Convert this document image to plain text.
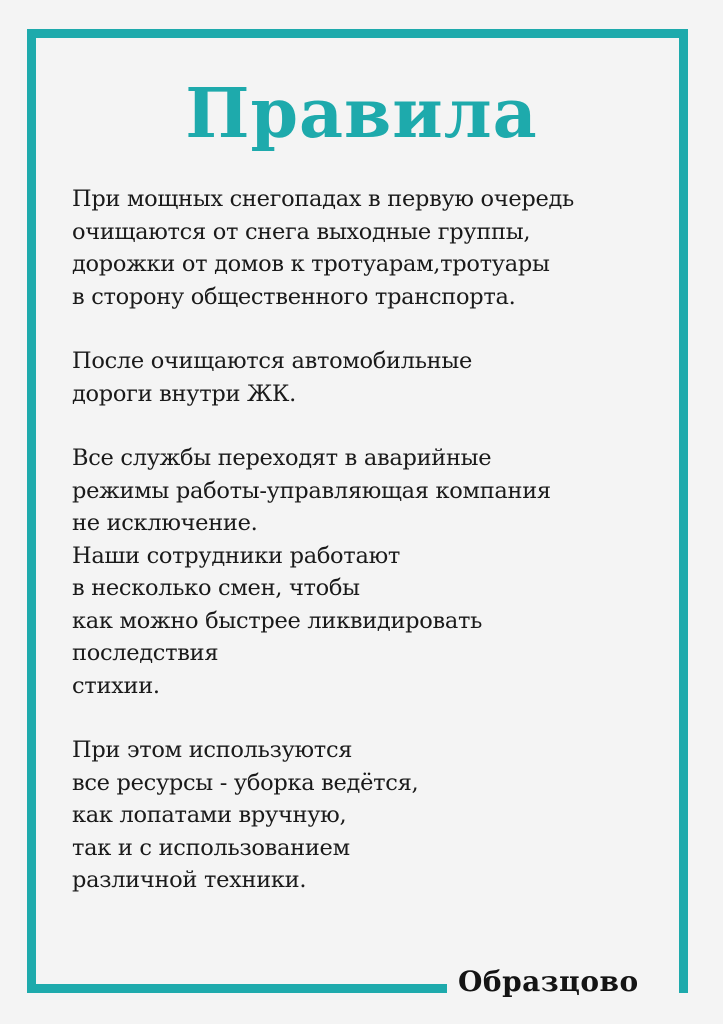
Правила
При мощных снегопадах в первую очередь
очищаются от снега выходные группы,
дорожки от домов к тротуарам,тротуары
в сторону общественного транспорта.
После очищаются автомобильные
дороги внутри ЖК.
Все службы переходят в аварийные
режимы работы-управляющая компания
не исключение.
Наши сотрудники работают
в несколько смен, чтобы
как можно быстрее ликвидировать
последствия
стихии.
При этом используются
все ресурсы - уборка ведётся,
как лопатами вручную,
так и с использованием
различной техники.
Образцово
